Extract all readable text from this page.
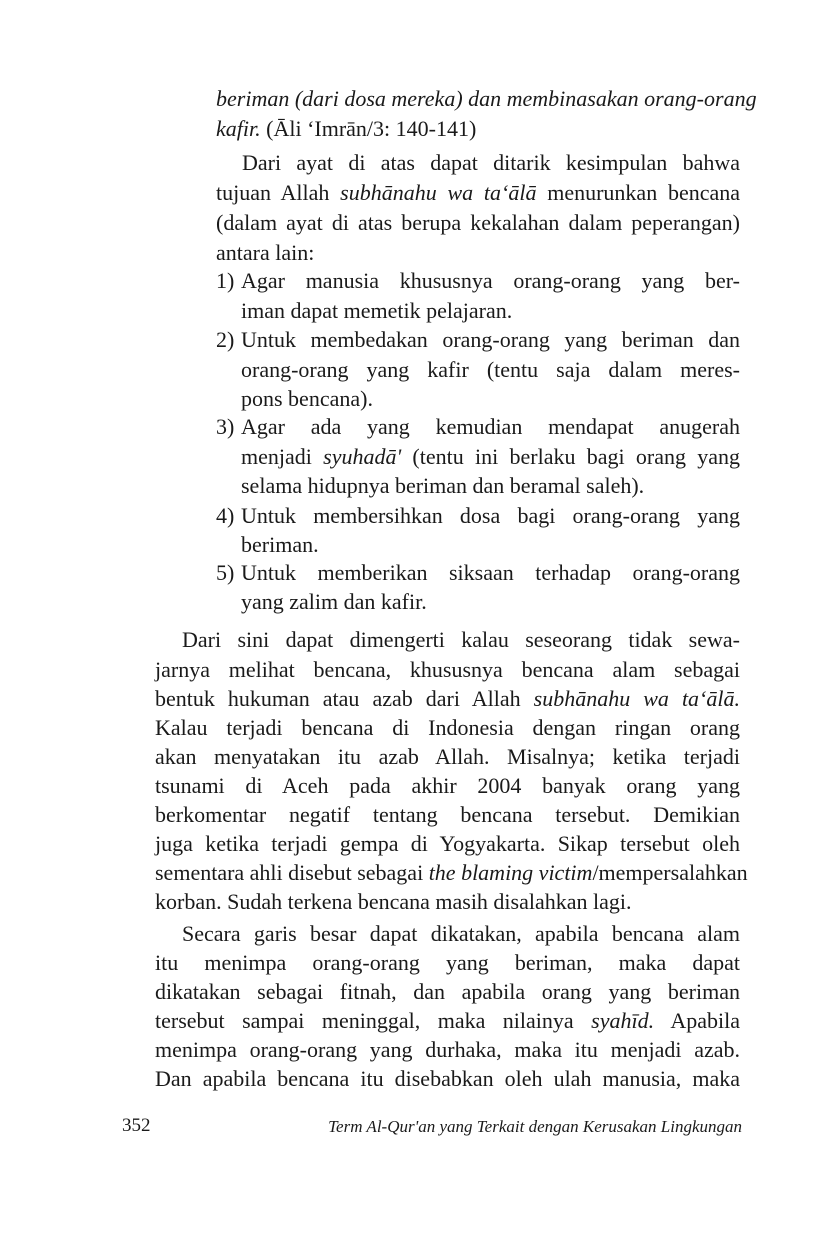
beriman (dari dosa mereka) dan membinasakan orang-orang
kafir. (Āli ‘Imrān/3: 140-141)
Dari ayat di atas dapat ditarik kesimpulan bahwa
tujuan Allah subhānahu wa ta‘ālā menurunkan bencana
(dalam ayat di atas berupa kekalahan dalam peperangan)
antara lain:
1) Agar manusia khususnya orang-orang yang ber-
iman dapat memetik pelajaran.
2) Untuk membedakan orang-orang yang beriman dan
orang-orang yang kafir (tentu saja dalam meres-
pons bencana).
3) Agar ada yang kemudian mendapat anugerah
menjadi syuhadā' (tentu ini berlaku bagi orang yang
selama hidupnya beriman dan beramal saleh).
4) Untuk membersihkan dosa bagi orang-orang yang
beriman.
5) Untuk memberikan siksaan terhadap orang-orang
yang zalim dan kafir.
Dari sini dapat dimengerti kalau seseorang tidak sewa-
jarnya melihat bencana, khususnya bencana alam sebagai
bentuk hukuman atau azab dari Allah subhānahu wa ta‘ālā.
Kalau terjadi bencana di Indonesia dengan ringan orang
akan menyatakan itu azab Allah. Misalnya; ketika terjadi
tsunami di Aceh pada akhir 2004 banyak orang yang
berkomentar negatif tentang bencana tersebut. Demikian
juga ketika terjadi gempa di Yogyakarta. Sikap tersebut oleh
sementara ahli disebut sebagai the blaming victim/mempersalahkan
korban. Sudah terkena bencana masih disalahkan lagi.
Secara garis besar dapat dikatakan, apabila bencana alam
itu menimpa orang-orang yang beriman, maka dapat
dikatakan sebagai fitnah, dan apabila orang yang beriman
tersebut sampai meninggal, maka nilainya syahīd. Apabila
menimpa orang-orang yang durhaka, maka itu menjadi azab.
Dan apabila bencana itu disebabkan oleh ulah manusia, maka
352	Term Al-Qur'an yang Terkait dengan Kerusakan Lingkungan
